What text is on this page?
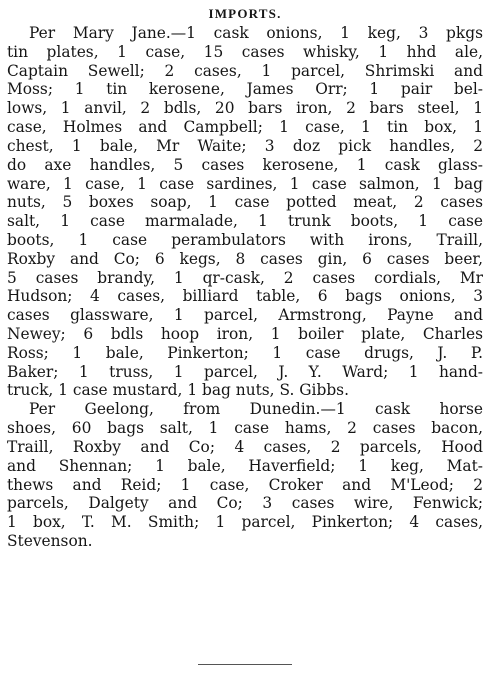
IMPORTS.

Per Mary Jane.—1 cask onions, 1 keg, 3 pkgs
tin plates, 1 case, 15 cases whisky, 1 hhd ale,
Captain Sewell; 2 cases, 1 parcel, Shrimski and
Moss; 1 tin kerosene, James Orr; 1 pair bel-
lows, 1 anvil, 2 bdls, 20 bars iron, 2 bars steel, 1
case, Holmes and Campbell; 1 case, 1 tin box, 1
chest, 1 bale, Mr Waite; 3 doz pick handles, 2
do axe handles, 5 cases kerosene, 1 cask glass-
ware, 1 case, 1 case sardines, 1 case salmon, 1 bag
nuts, 5 boxes soap, 1 case potted meat, 2 cases
salt, 1 case marmalade, 1 trunk boots, 1 case
boots, 1 case perambulators with irons, Traill,
Roxby and Co; 6 kegs, 8 cases gin, 6 cases beer,
5 cases brandy, 1 qr-cask, 2 cases cordials, Mr
Hudson; 4 cases, billiard table, 6 bags onions, 3
cases glassware, 1 parcel, Armstrong, Payne and
Newey; 6 bdls hoop iron, 1 boiler plate, Charles
Ross; 1 bale, Pinkerton; 1 case drugs, J. P.
Baker; 1 truss, 1 parcel, J. Y. Ward; 1 hand-
truck, 1 case mustard, 1 bag nuts, S. Gibbs.

Per Geelong, from Dunedin.—1 cask horse
shoes, 60 bags salt, 1 case hams, 2 cases bacon,
Traill, Roxby and Co; 4 cases, 2 parcels, Hood
and Shennan; 1 bale, Haverfield; 1 keg, Mat-
thews and Reid; 1 case, Croker and M'Leod; 2
parcels, Dalgety and Co; 3 cases wire, Fenwick;
1 box, T. M. Smith; 1 parcel, Pinkerton; 4 cases,
Stevenson.
